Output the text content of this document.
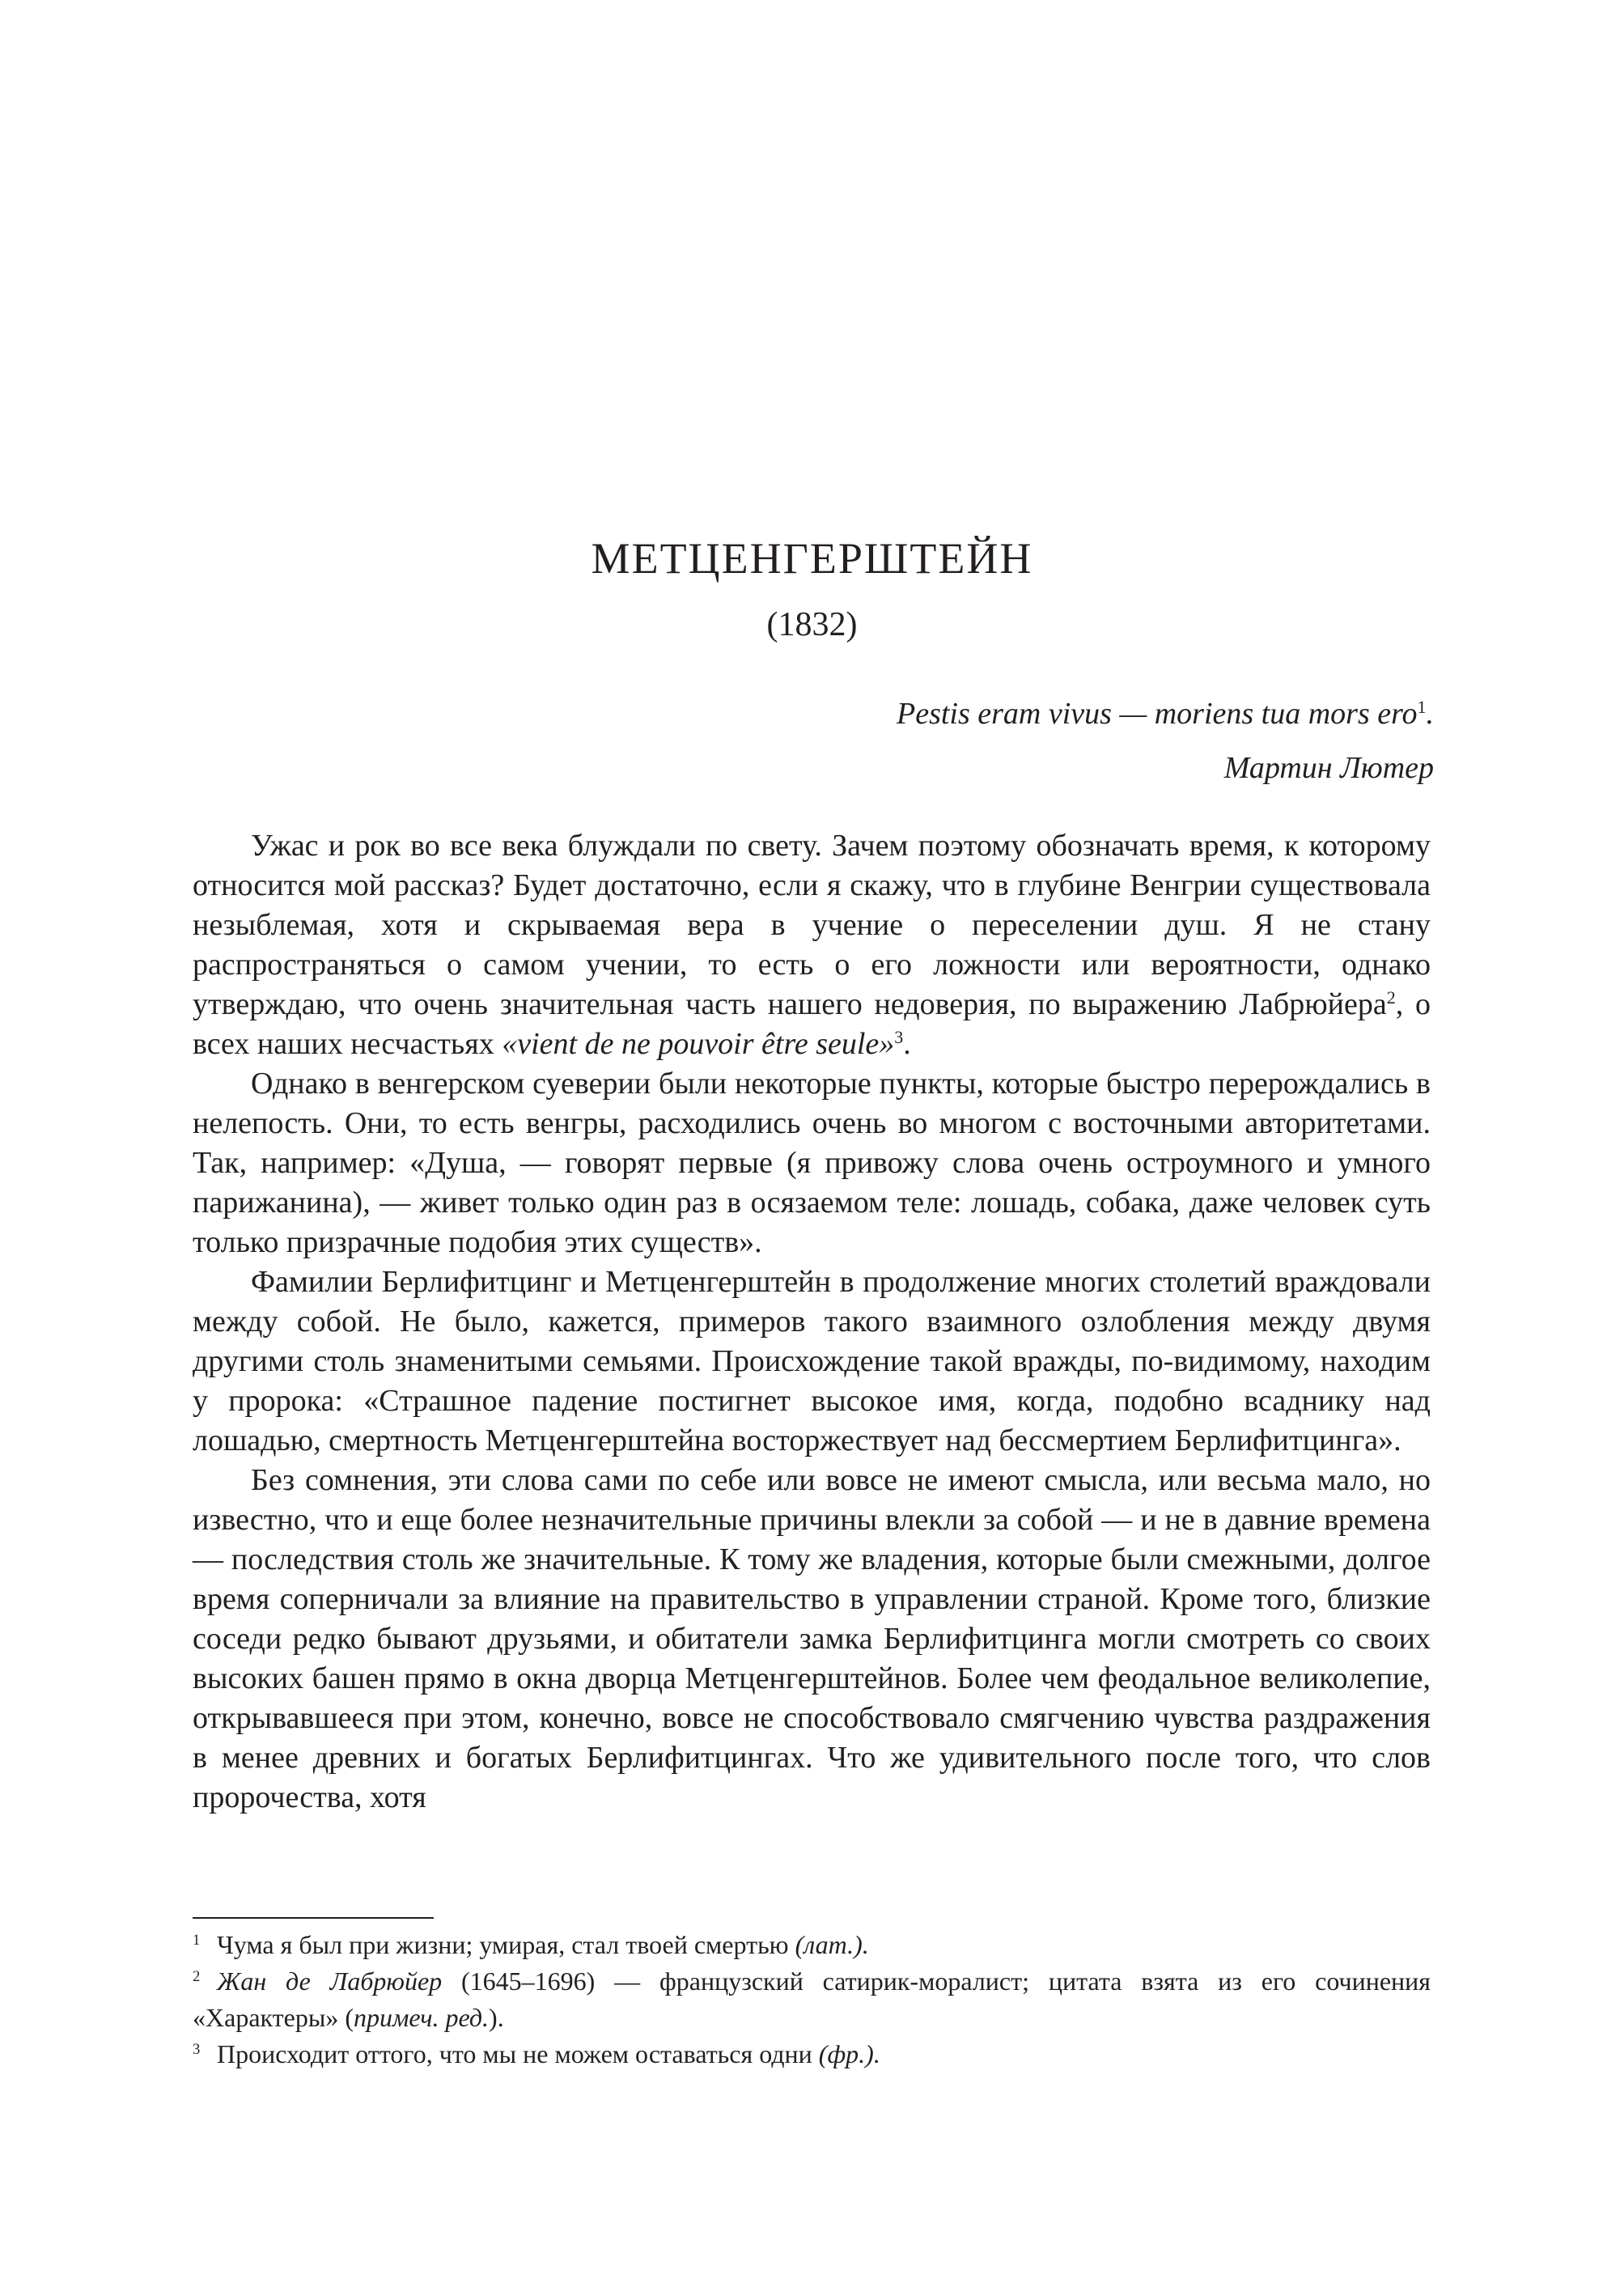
МЕТЦЕНГЕРШТЕЙН
(1832)
Pestis eram vivus — moriens tua mors ero$^1$.
Мартин Лютер

Ужас и рок во все века блуждали по свету. Зачем поэтому обозначать время, к которому относится мой рассказ? Будет достаточно, если я скажу, что в глубине Венгрии существовала незыблемая, хотя и скрываемая вера в учение о переселении душ. Я не стану распространяться о самом учении, то есть о его ложности или вероятности, однако утверждаю, что очень значительная часть нашего недоверия, по выражению Лабрюйера$^2$, о всех наших несчастьях «vient de ne pouvoir être seule»$^3$.

Однако в венгерском суеверии были некоторые пункты, которые быстро перерождались в нелепость. Они, то есть венгры, расходились очень во многом с восточными авторитетами. Так, например: «Душа, — говорят первые (я привожу слова очень остроумного и умного парижанина), — живет только один раз в осязаемом теле: лошадь, собака, даже человек суть только призрачные подобия этих существ».

Фамилии Берлифитцинг и Метценгерштейн в продолжение многих столетий враждовали между собой. Не было, кажется, примеров такого взаимного озлобления между двумя другими столь знаменитыми семьями. Происхождение такой вражды, по-видимому, находим у пророка: «Страшное падение постигнет высокое имя, когда, подобно всаднику над лошадью, смертность Метценгерштейна восторжествует над бессмертием Берлифитцинга».

Без сомнения, эти слова сами по себе или вовсе не имеют смысла, или весьма мало, но известно, что и еще более незначительные причины влекли за собой — и не в давние времена — последствия столь же значительные. К тому же владения, которые были смежными, долгое время соперничали за влияние на правительство в управлении страной. Кроме того, близкие соседи редко бывают друзьями, и обитатели замка Берлифитцинга могли смотреть со своих высоких башен прямо в окна дворца Метценгерштейнов. Более чем феодальное великолепие, открывавшееся при этом, конечно, вовсе не способствовало смягчению чувства раздражения в менее древних и богатых Берлифитцингах. Что же удивительного после того, что слов пророчества, хотя

1 Чума я был при жизни; умирая, стал твоей смертью (лат.).

2 Жан де Лабрюйер (1645–1696) — французский сатирик-моралист; цитата взята из его сочинения «Характеры» (примеч. ред.).

3 Происходит оттого, что мы не можем оставаться одни (фр.).
